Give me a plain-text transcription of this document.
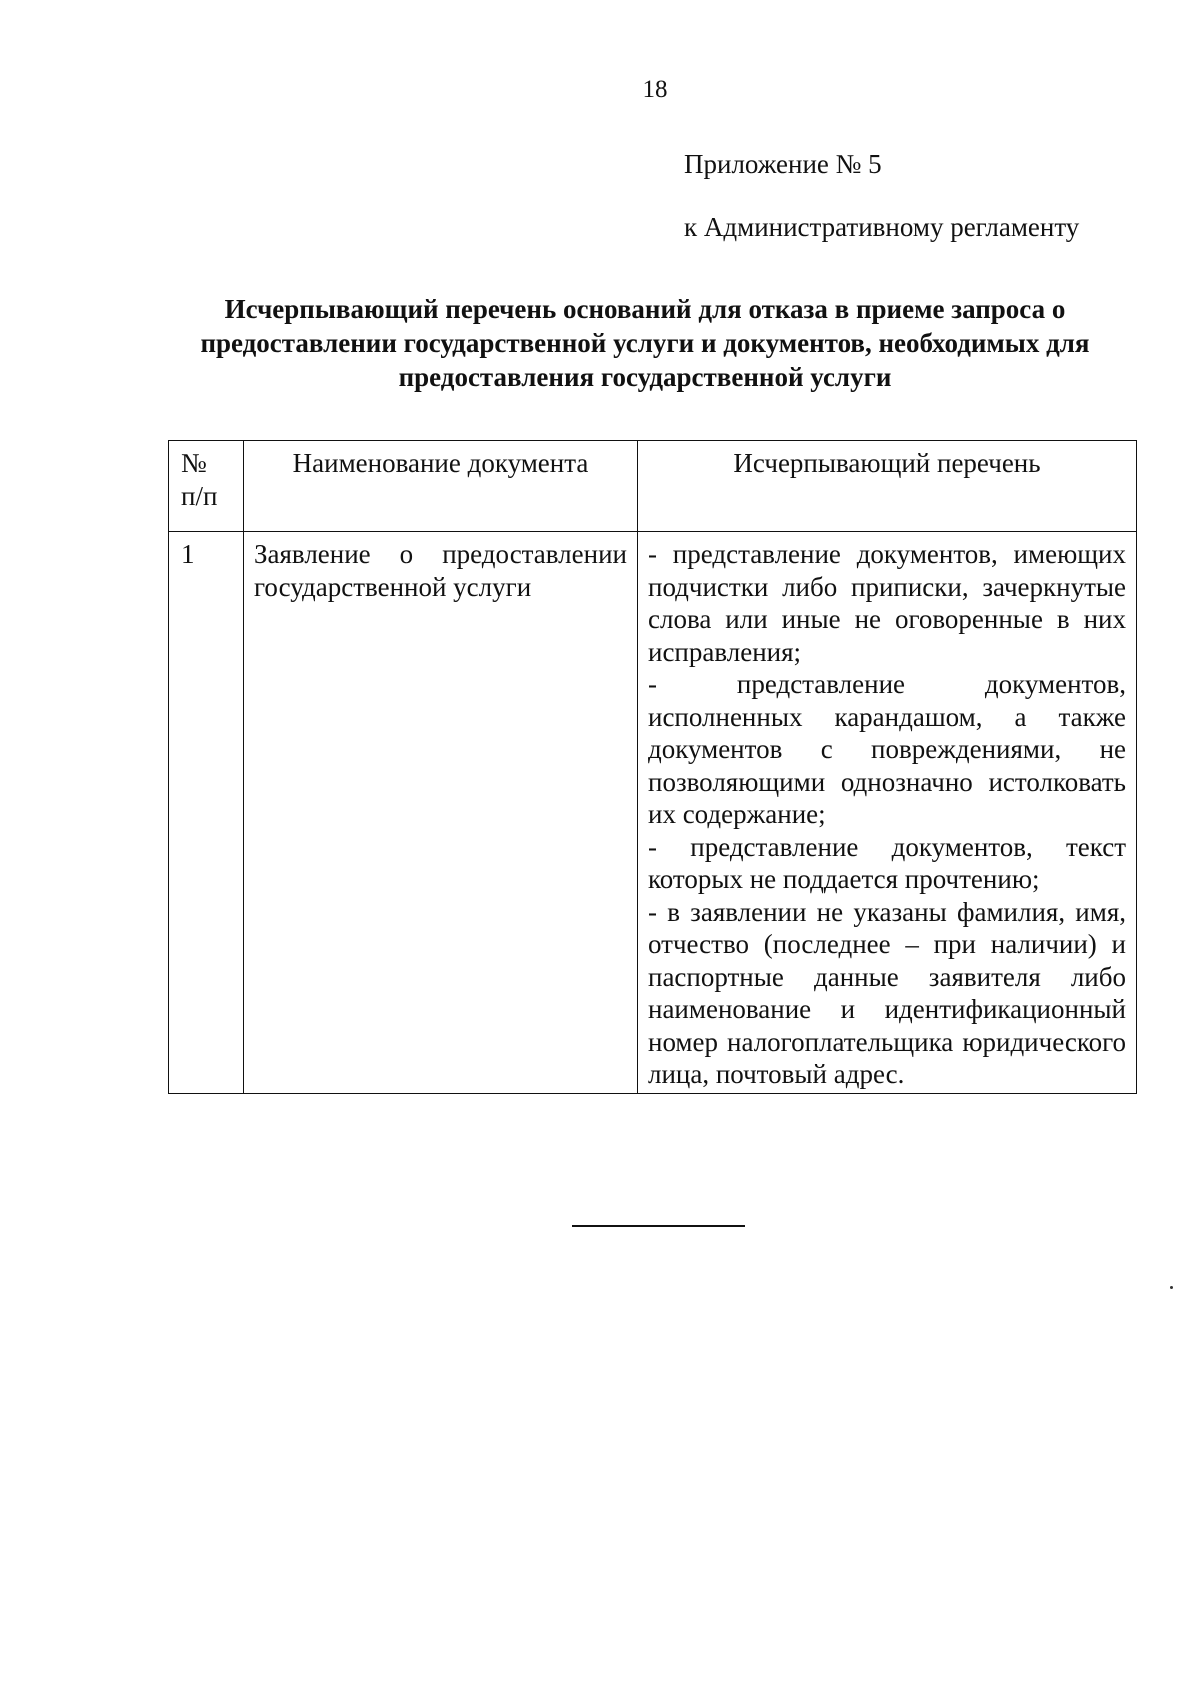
18
Приложение № 5
к Административному регламенту
Исчерпывающий перечень оснований для отказа в приеме запроса о
предоставлении государственной услуги и документов, необходимых для
предоставления государственной услуги
№ п/п	Наименование документа	Исчерпывающий перечень
1	Заявление о предоставлении государственной услуги	- представление документов, имеющих подчистки либо приписки, зачеркнутые слова или иные не оговоренные в них исправления;
- представление документов, исполненных карандашом, а также документов с повреждениями, не позволяющими однозначно истолковать их содержание;
- представление документов, текст которых не поддается прочтению;
- в заявлении не указаны фамилия, имя, отчество (последнее – при наличии) и паспортные данные заявителя либо наименование и идентификационный номер налогоплательщика юридического лица, почтовый адрес.
